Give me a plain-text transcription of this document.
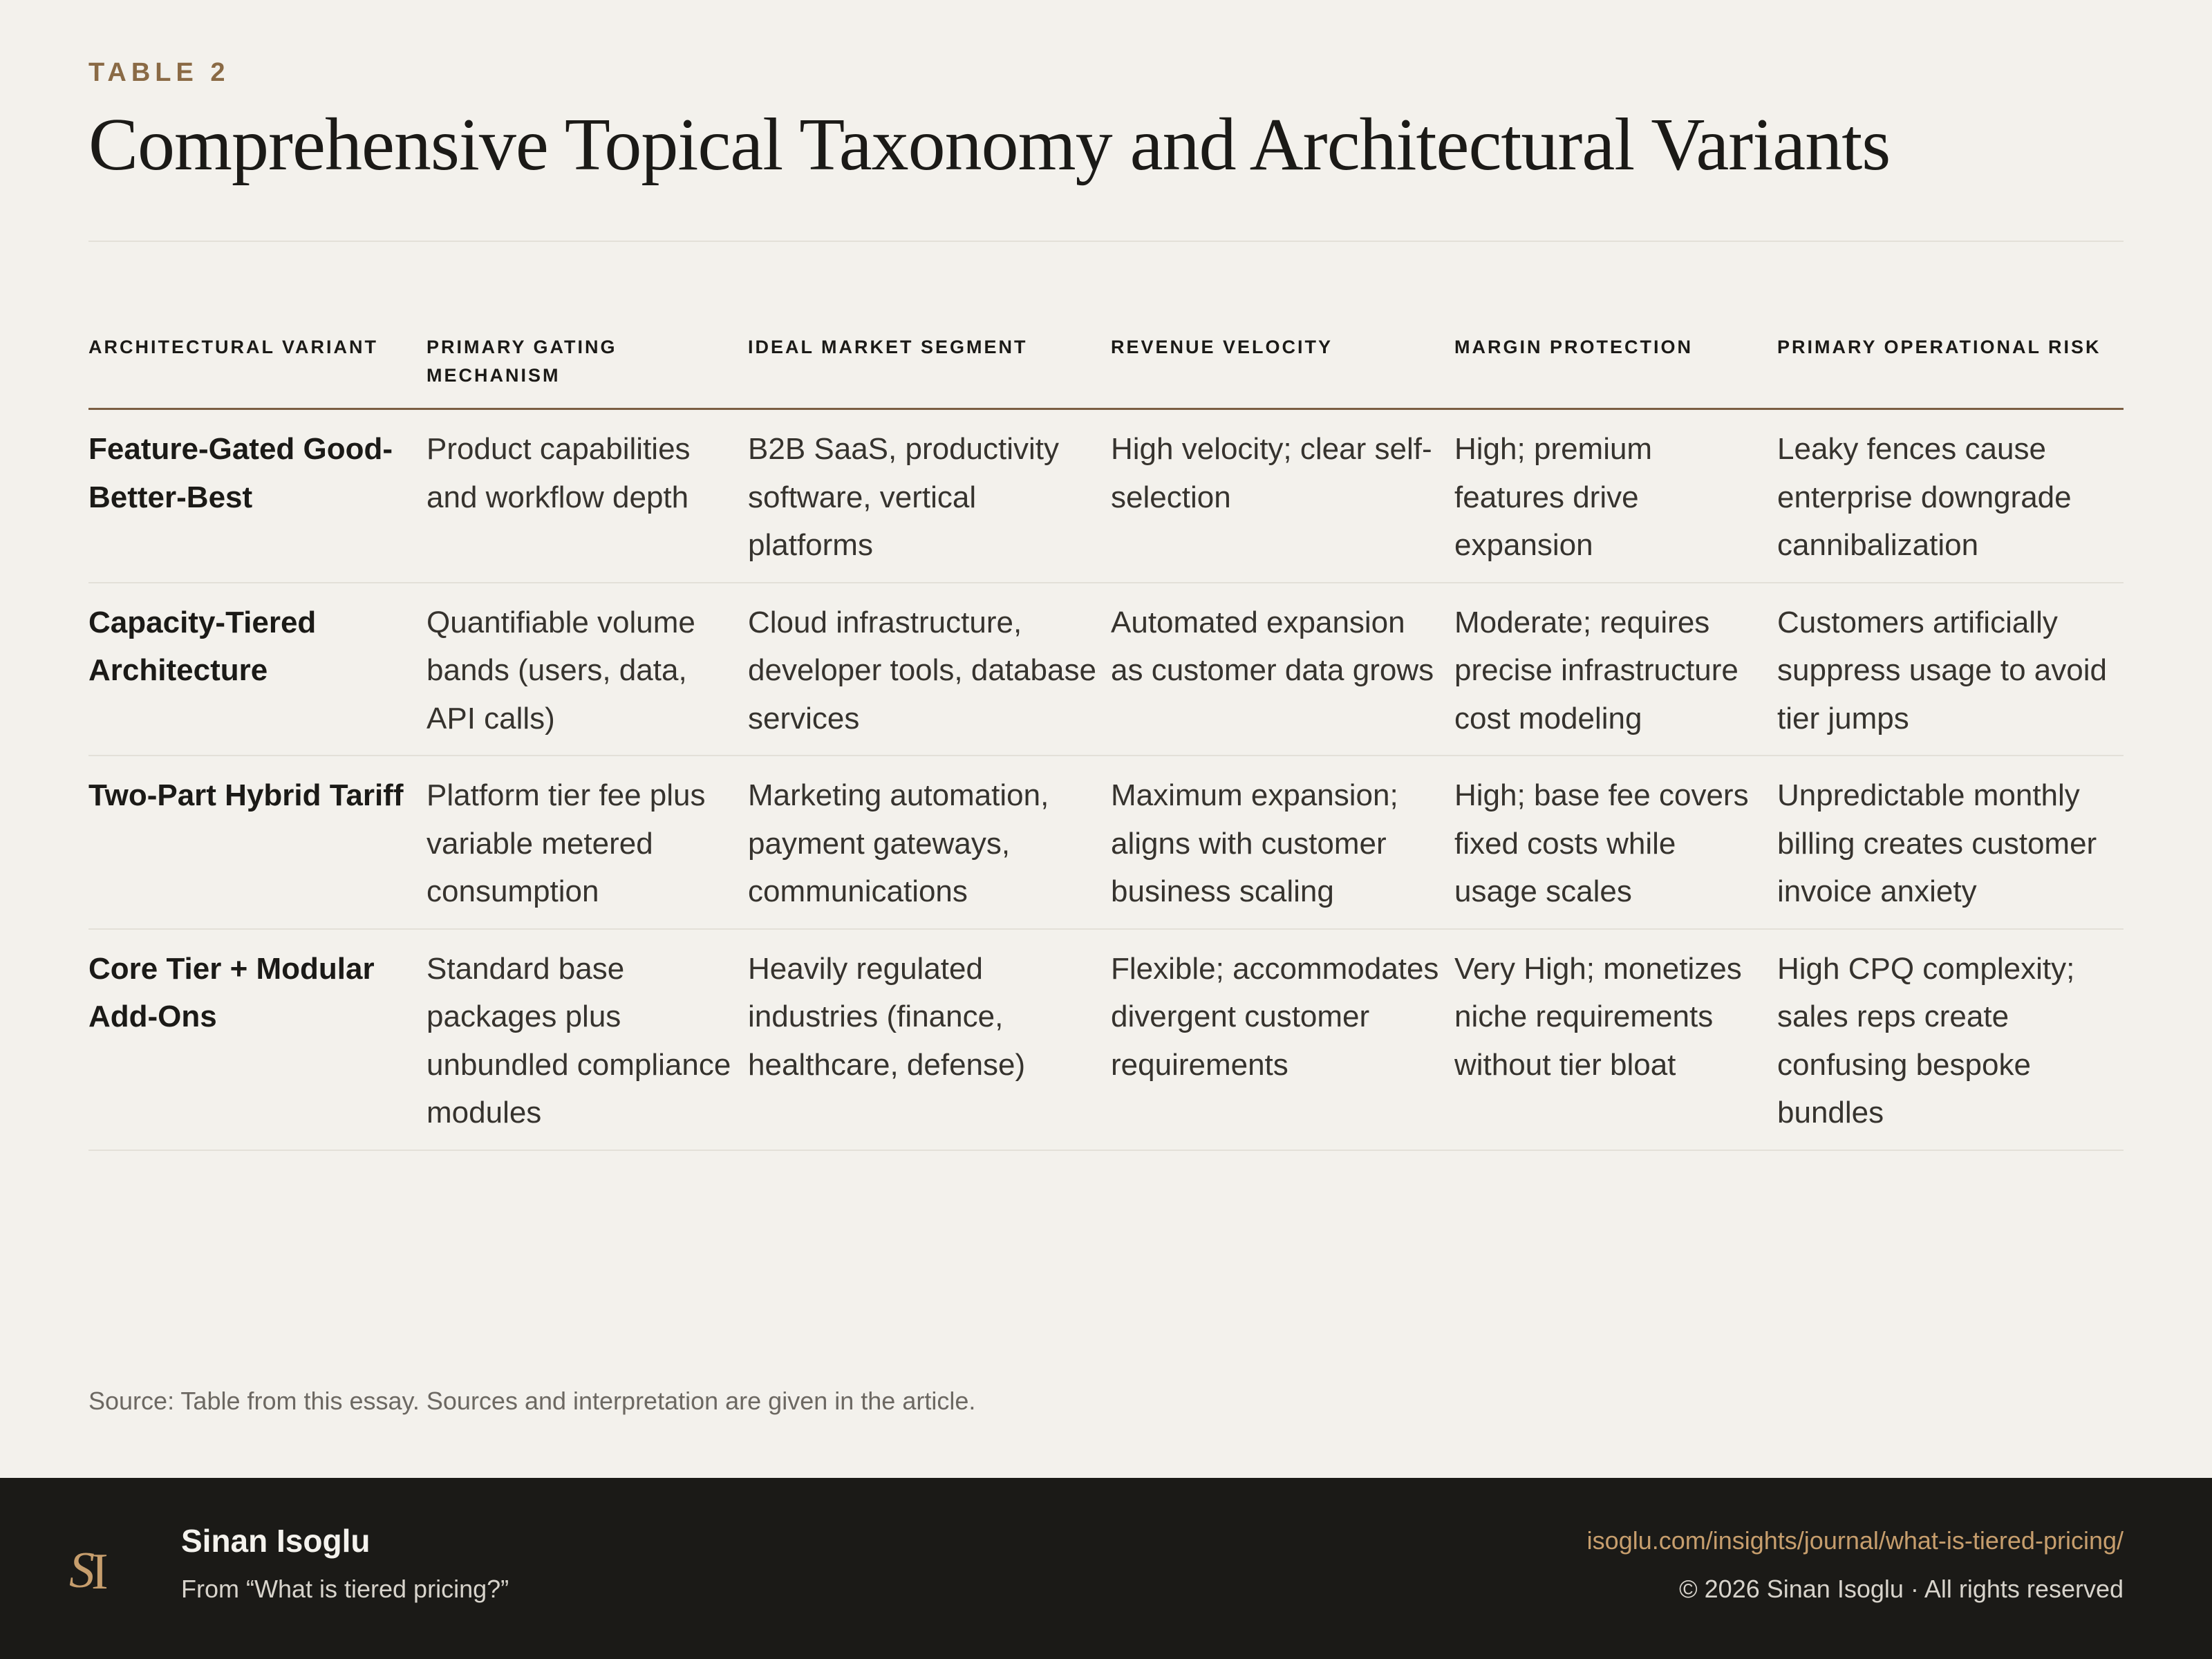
TABLE 2
Comprehensive Topical Taxonomy and Architectural Variants
ARCHITECTURAL VARIANT	PRIMARY GATING MECHANISM	IDEAL MARKET SEGMENT	REVENUE VELOCITY	MARGIN PROTECTION	PRIMARY OPERATIONAL RISK
Feature-Gated Good-Better-Best	Product capabilities and workflow depth	B2B SaaS, productivity software, vertical platforms	High velocity; clear self-selection	High; premium features drive expansion	Leaky fences cause enterprise downgrade cannibalization
Capacity-Tiered Architecture	Quantifiable volume bands (users, data, API calls)	Cloud infrastructure, developer tools, database services	Automated expansion as customer data grows	Moderate; requires precise infrastructure cost modeling	Customers artificially suppress usage to avoid tier jumps
Two-Part Hybrid Tariff	Platform tier fee plus variable metered consumption	Marketing automation, payment gateways, communications	Maximum expansion; aligns with customer business scaling	High; base fee covers fixed costs while usage scales	Unpredictable monthly billing creates customer invoice anxiety
Core Tier + Modular Add-Ons	Standard base packages plus unbundled compliance modules	Heavily regulated industries (finance, healthcare, defense)	Flexible; accommodates divergent customer requirements	Very High; monetizes niche requirements without tier bloat	High CPQ complexity; sales reps create confusing bespoke bundles
Source: Table from this essay. Sources and interpretation are given in the article.
S
I
Sinan Isoglu
From “What is tiered pricing?”
isoglu.com/insights/journal/what-is-tiered-pricing/
© 2026 Sinan Isoglu · All rights reserved
